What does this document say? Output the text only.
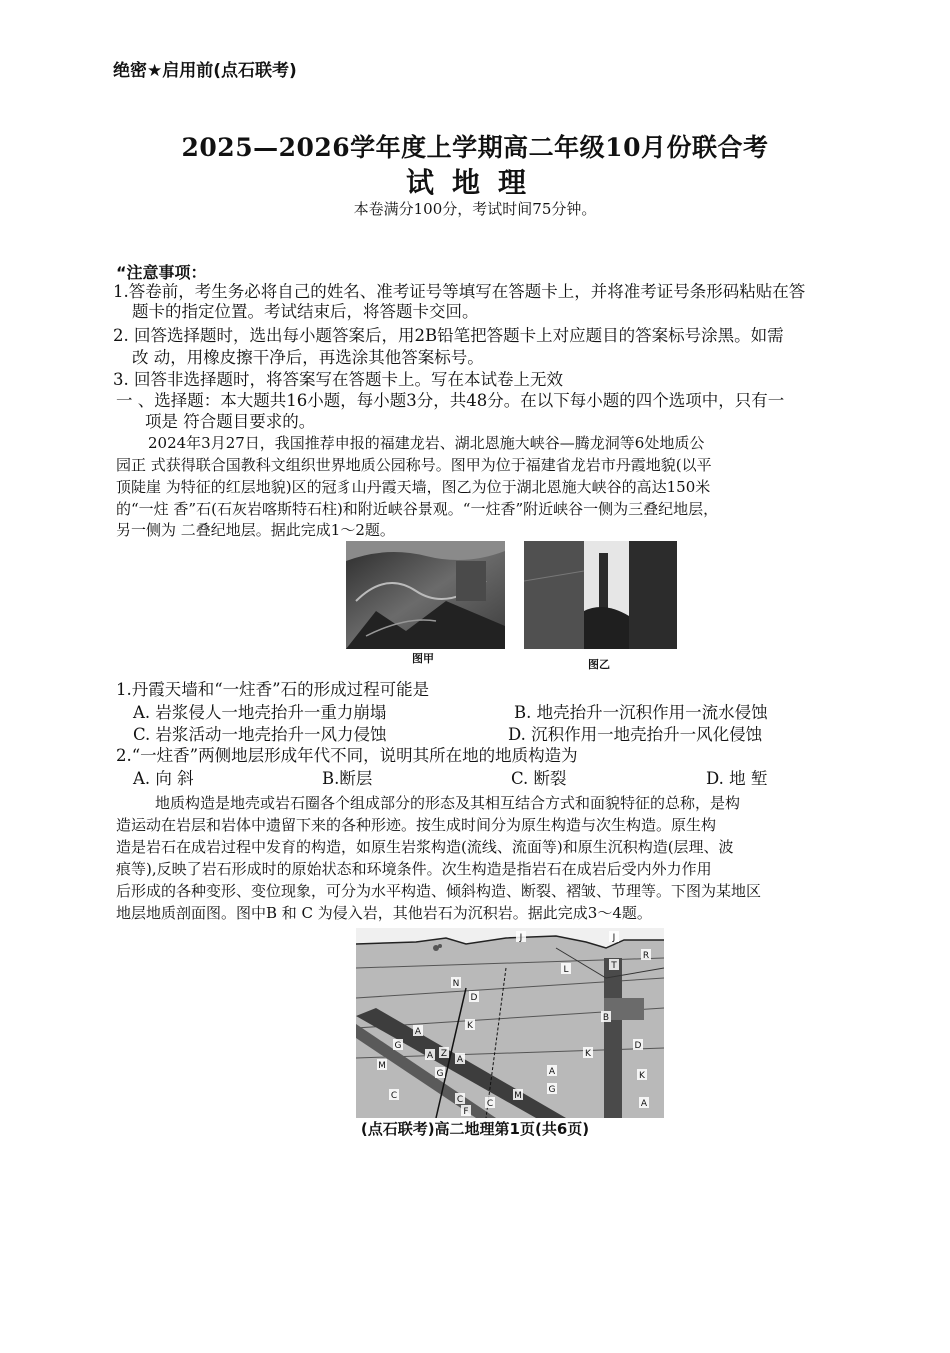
绝密★启用前(点石联考)
2025—2026学年度上学期高二年级10月份联合考
试地理
本卷满分100分，考试时间75分钟。
“注意事项：
1.答卷前，考生务必将自己的姓名、准考证号等填写在答题卡上，并将准考证号条形码粘贴在答
题卡的指定位置。考试结束后，将答题卡交回。
2. 回答选择题时，选出每小题答案后，用2B铅笔把答题卡上对应题目的答案标号涂黑。如需
改 动，用橡皮擦干净后，再选涂其他答案标号。
3. 回答非选择题时，将答案写在答题卡上。写在本试卷上无效
一 、选择题：本大题共16小题，每小题3分，共48分。在以下每小题的四个选项中，只有一
项是 符合题目要求的。
2024年3月27日，我国推荐申报的福建龙岩、湖北恩施大峡谷—腾龙洞等6处地质公
园正 式获得联合国教科文组织世界地质公园称号。图甲为位于福建省龙岩市丹霞地貌(以平
顶陡崖 为特征的红层地貌)区的冠豸山丹霞天墙，图乙为位于湖北恩施大峡谷的高达150米
的“一炷 香”石(石灰岩喀斯特石柱)和附近峡谷景观。“一炷香”附近峡谷一侧为三叠纪地层，
另一侧为 二叠纪地层。据此完成1～2题。
图甲	图乙
1.丹霞天墙和“一炷香”石的形成过程可能是
A. 岩浆侵人一地壳抬升一重力崩塌	B. 地壳抬升一沉积作用一流水侵蚀
C. 岩浆活动一地壳抬升一风力侵蚀	D. 沉积作用一地壳抬升一风化侵蚀
2.“一炷香”两侧地层形成年代不同，说明其所在地的地质构造为
A. 向 斜	B.断层	C. 断裂	D. 地 堑
地质构造是地壳或岩石圈各个组成部分的形态及其相互结合方式和面貌特征的总称，是构
造运动在岩层和岩体中遗留下来的各种形迹。按生成时间分为原生构造与次生构造。原生构
造是岩石在成岩过程中发育的构造，如原生岩浆构造(流线、流面等)和原生沉积构造(层理、波
痕等),反映了岩石形成时的原始状态和环境条件。次生构造是指岩石在成岩后受内外力作用
后形成的各种变形、变位现象，可分为水平构造、倾斜构造、断裂、褶皱、节理等。下图为某地区
地层地质剖面图。图中B 和 C 为侵入岩，其他岩石为沉积岩。据此完成3～4题。
J	J
R
L	T
N
D
B
A
G
K
Z
A	A
K
D
M
G	A	K
G
M
C
C
C
F
A
(点石联考)高二地理第1页(共6页)
